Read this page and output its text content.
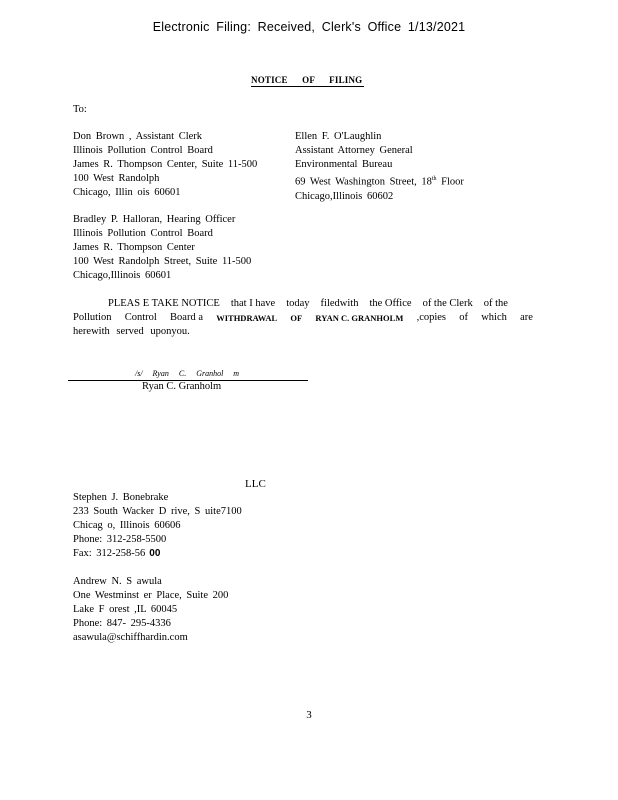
Electronic Filing: Received, Clerk's Office 1/13/2021
NOTICE OF FILING
To:
Don Brown , Assistant Clerk
Illinois Pollution Control Board
James R. Thompson Center, Suite 11-500
100 West Randolph
Chicago, Illin ois 60601
Ellen F. O'Laughlin
Assistant Attorney General
Environmental Bureau
69 West Washington Street, 18th Floor
Chicago,Illinois 60602
Bradley P. Halloran, Hearing Officer
Illinois Pollution Control Board
James R. Thompson Center
100 West Randolph Street, Suite 11-500
Chicago,Illinois 60601
PLEAS E TAKE NOTICE that I have today filedwith the Office of the Clerk of the
Pollution Control Board a WITHDRAWAL OF RYAN C. GRANHOLM ,copies of which are
herewith served uponyou.
/s/ Ryan C. Granhol m
Ryan C. Granholm
LLC
Stephen J. Bonebrake
233 South Wacker D rive, S uite7100
Chicag o, Illinois 60606
Phone: 312-258-5500
Fax: 312-258-56 00
Andrew N. S awula
One Westminst er Place, Suite 200
Lake F orest ,IL 60045
Phone: 847- 295-4336
asawula@schiffhardin.com
3
